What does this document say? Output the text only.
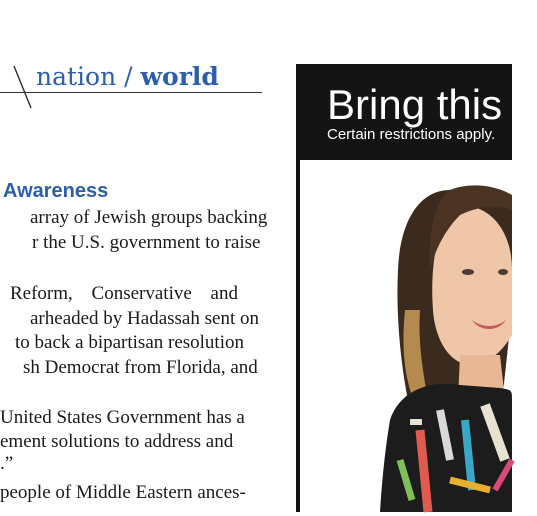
nation / world
Awareness
array of Jewish groups backing
r the U.S. government to raise
Reform, Conservative and
arheaded by Hadassah sent on
to back a bipartisan resolution
sh Democrat from Florida, and
United States Government has a
ement solutions to address and
.”
people of Middle Eastern ances-
Bring this a
Certain restrictions apply.
